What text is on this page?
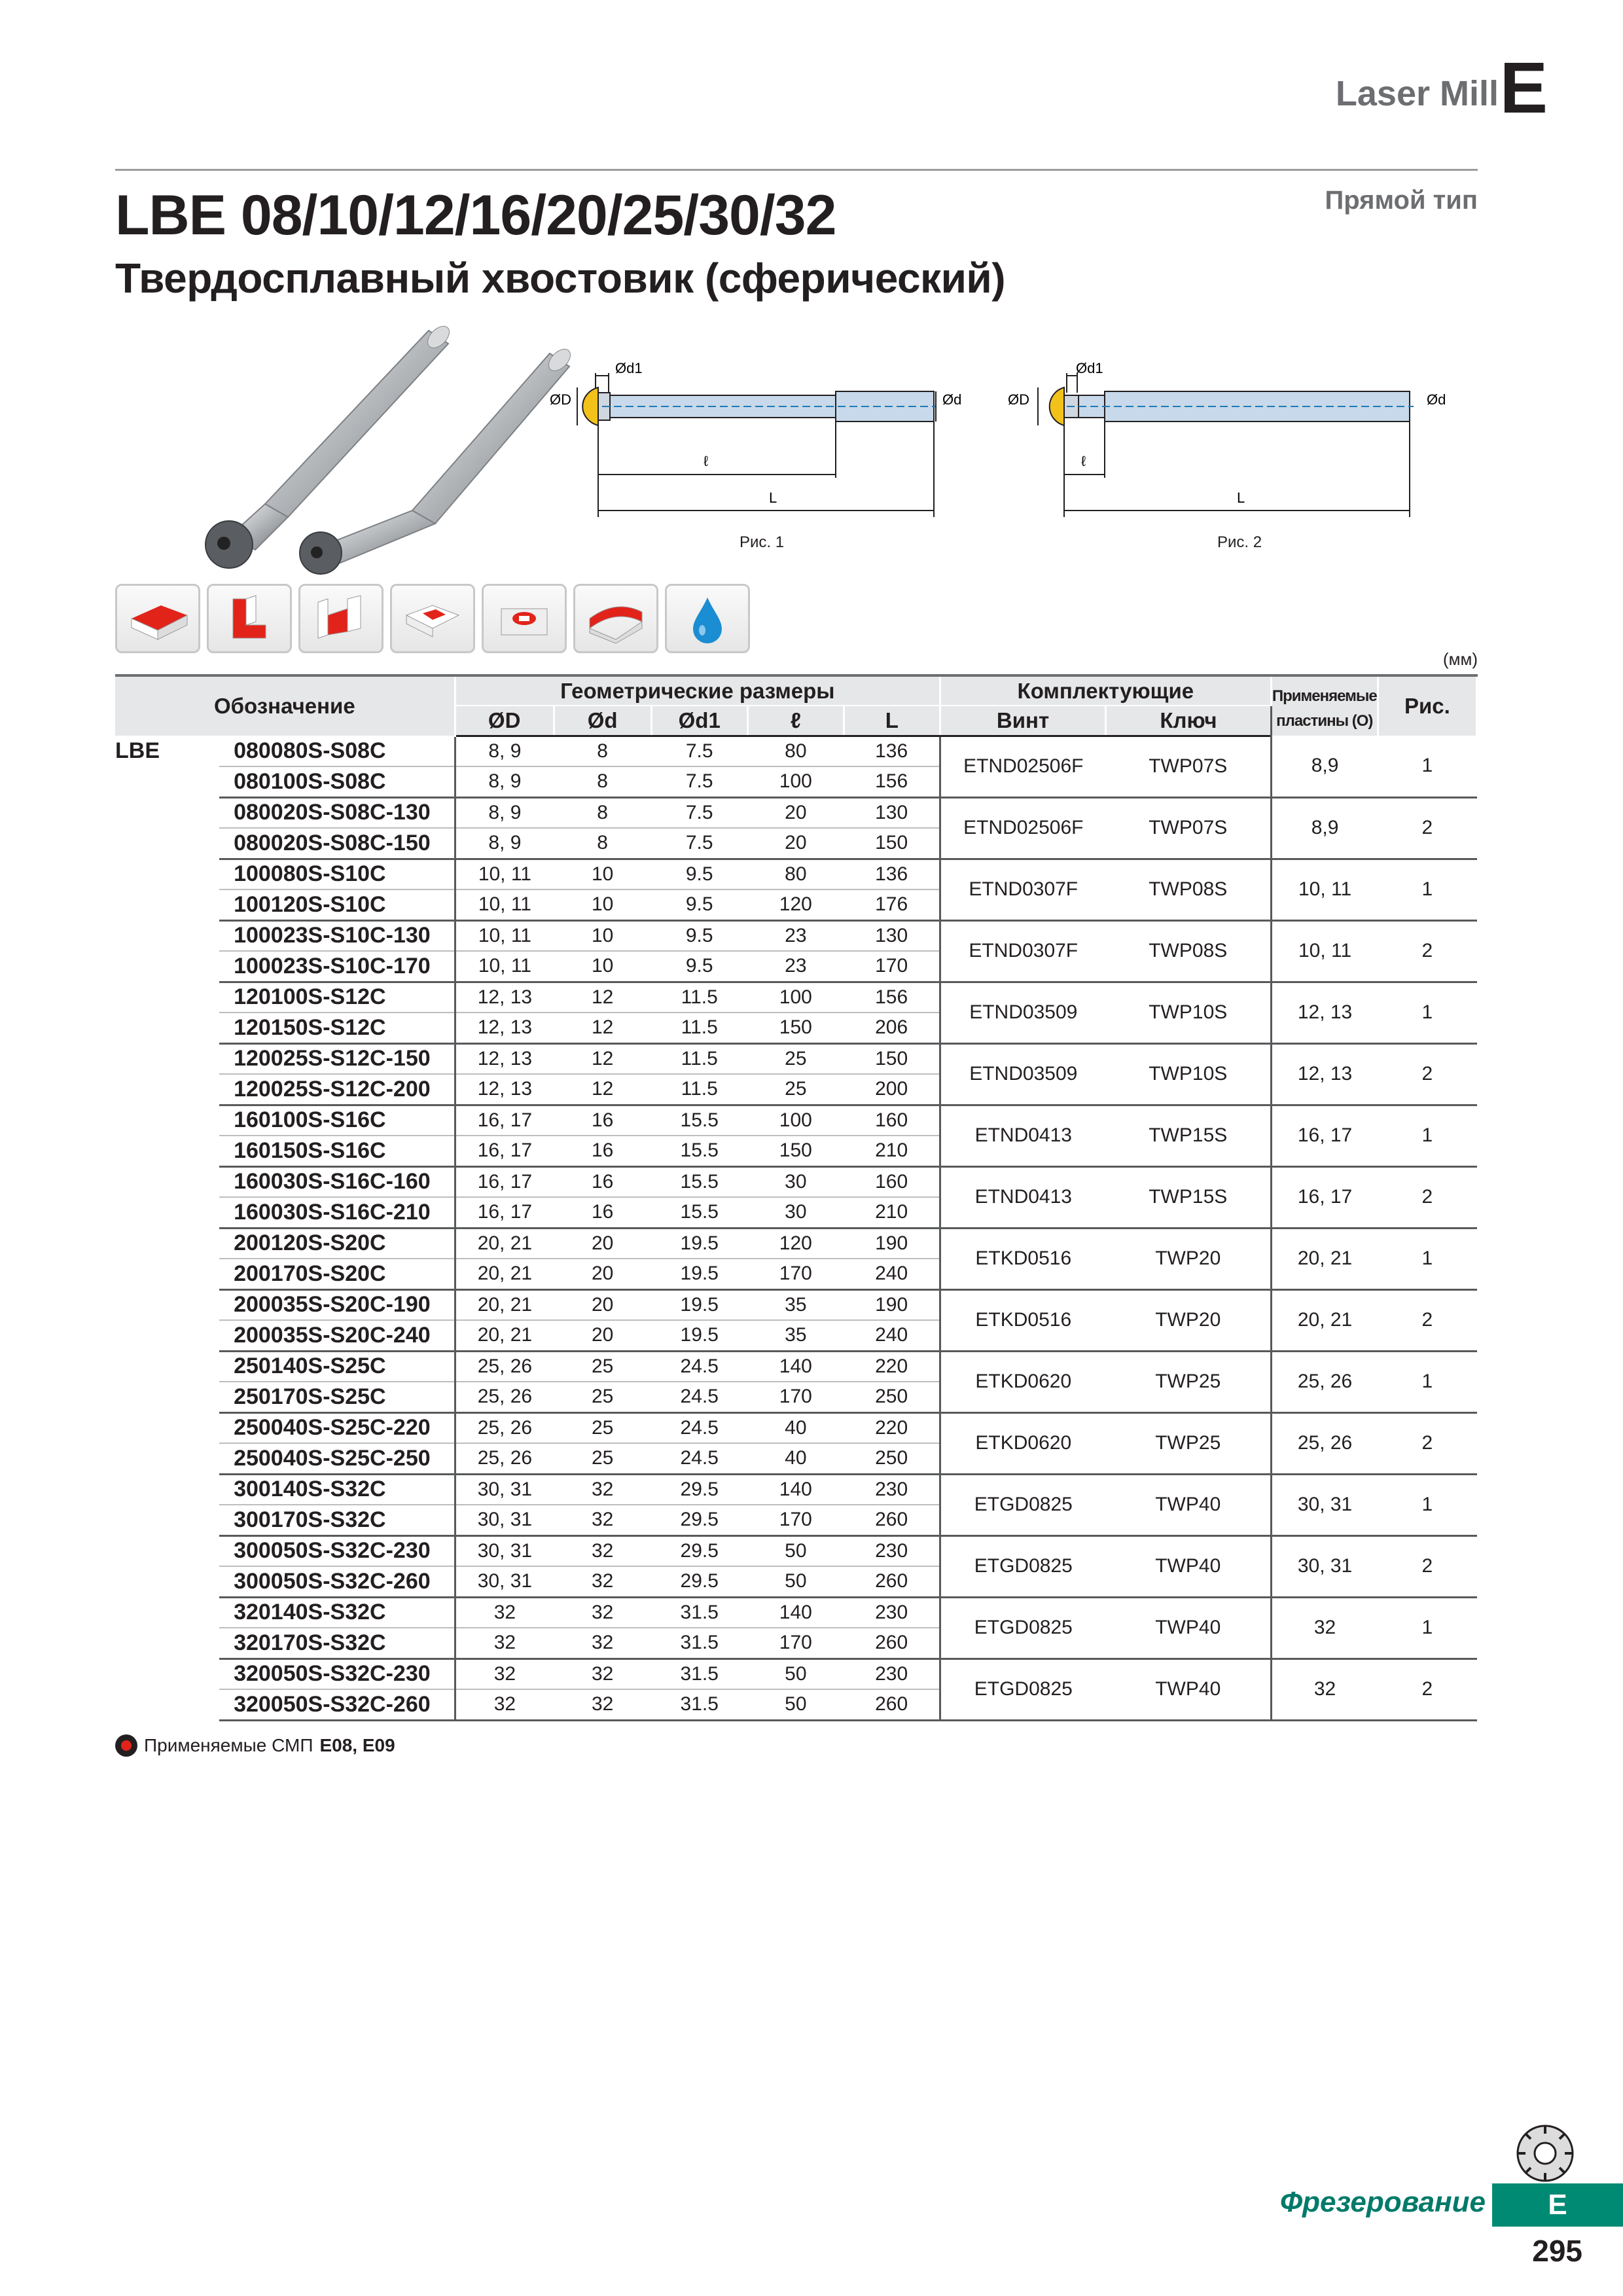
Laser Mill E
Прямой тип
LBE 08/10/12/16/20/25/30/32
Твердосплавный хвостовик (сферический)
Ød1
ØD	Ød
ℓ
L
Рис. 1
Ød1
ØD	Ød
ℓ
L
Рис. 2
(мм)
Обозначение		Геометрические размеры					Комплектующие		Применяемые пластины (O)	Рис.
		ØD	Ød	Ød1	ℓ	L	Винт	Ключ		
LBE	080080S-S08C	8, 9	8	7.5	80	136	ETND02506F	TWP07S	8,9	1
	080100S-S08C	8, 9	8	7.5	100	156				
	080020S-S08C-130	8, 9	8	7.5	20	130	ETND02506F	TWP07S	8,9	2
	080020S-S08C-150	8, 9	8	7.5	20	150				
	100080S-S10C	10, 11	10	9.5	80	136	ETND0307F	TWP08S	10, 11	1
	100120S-S10C	10, 11	10	9.5	120	176				
	100023S-S10C-130	10, 11	10	9.5	23	130	ETND0307F	TWP08S	10, 11	2
	100023S-S10C-170	10, 11	10	9.5	23	170				
	120100S-S12C	12, 13	12	11.5	100	156	ETND03509	TWP10S	12, 13	1
	120150S-S12C	12, 13	12	11.5	150	206				
	120025S-S12C-150	12, 13	12	11.5	25	150	ETND03509	TWP10S	12, 13	2
	120025S-S12C-200	12, 13	12	11.5	25	200				
	160100S-S16C	16, 17	16	15.5	100	160	ETND0413	TWP15S	16, 17	1
	160150S-S16C	16, 17	16	15.5	150	210				
	160030S-S16C-160	16, 17	16	15.5	30	160	ETND0413	TWP15S	16, 17	2
	160030S-S16C-210	16, 17	16	15.5	30	210				
	200120S-S20C	20, 21	20	19.5	120	190	ETKD0516	TWP20	20, 21	1
	200170S-S20C	20, 21	20	19.5	170	240				
	200035S-S20C-190	20, 21	20	19.5	35	190	ETKD0516	TWP20	20, 21	2
	200035S-S20C-240	20, 21	20	19.5	35	240				
	250140S-S25C	25, 26	25	24.5	140	220	ETKD0620	TWP25	25, 26	1
	250170S-S25C	25, 26	25	24.5	170	250				
	250040S-S25C-220	25, 26	25	24.5	40	220	ETKD0620	TWP25	25, 26	2
	250040S-S25C-250	25, 26	25	24.5	40	250				
	300140S-S32C	30, 31	32	29.5	140	230	ETGD0825	TWP40	30, 31	1
	300170S-S32C	30, 31	32	29.5	170	260				
	300050S-S32C-230	30, 31	32	29.5	50	230	ETGD0825	TWP40	30, 31	2
	300050S-S32C-260	30, 31	32	29.5	50	260				
	320140S-S32C	32	32	31.5	140	230	ETGD0825	TWP40	32	1
	320170S-S32C	32	32	31.5	170	260				
	320050S-S32C-230	32	32	31.5	50	230	ETGD0825	TWP40	32	2
	320050S-S32C-260	32	32	31.5	50	260				
Применяемые СМП E08, E09
Фрезерование	E
295
